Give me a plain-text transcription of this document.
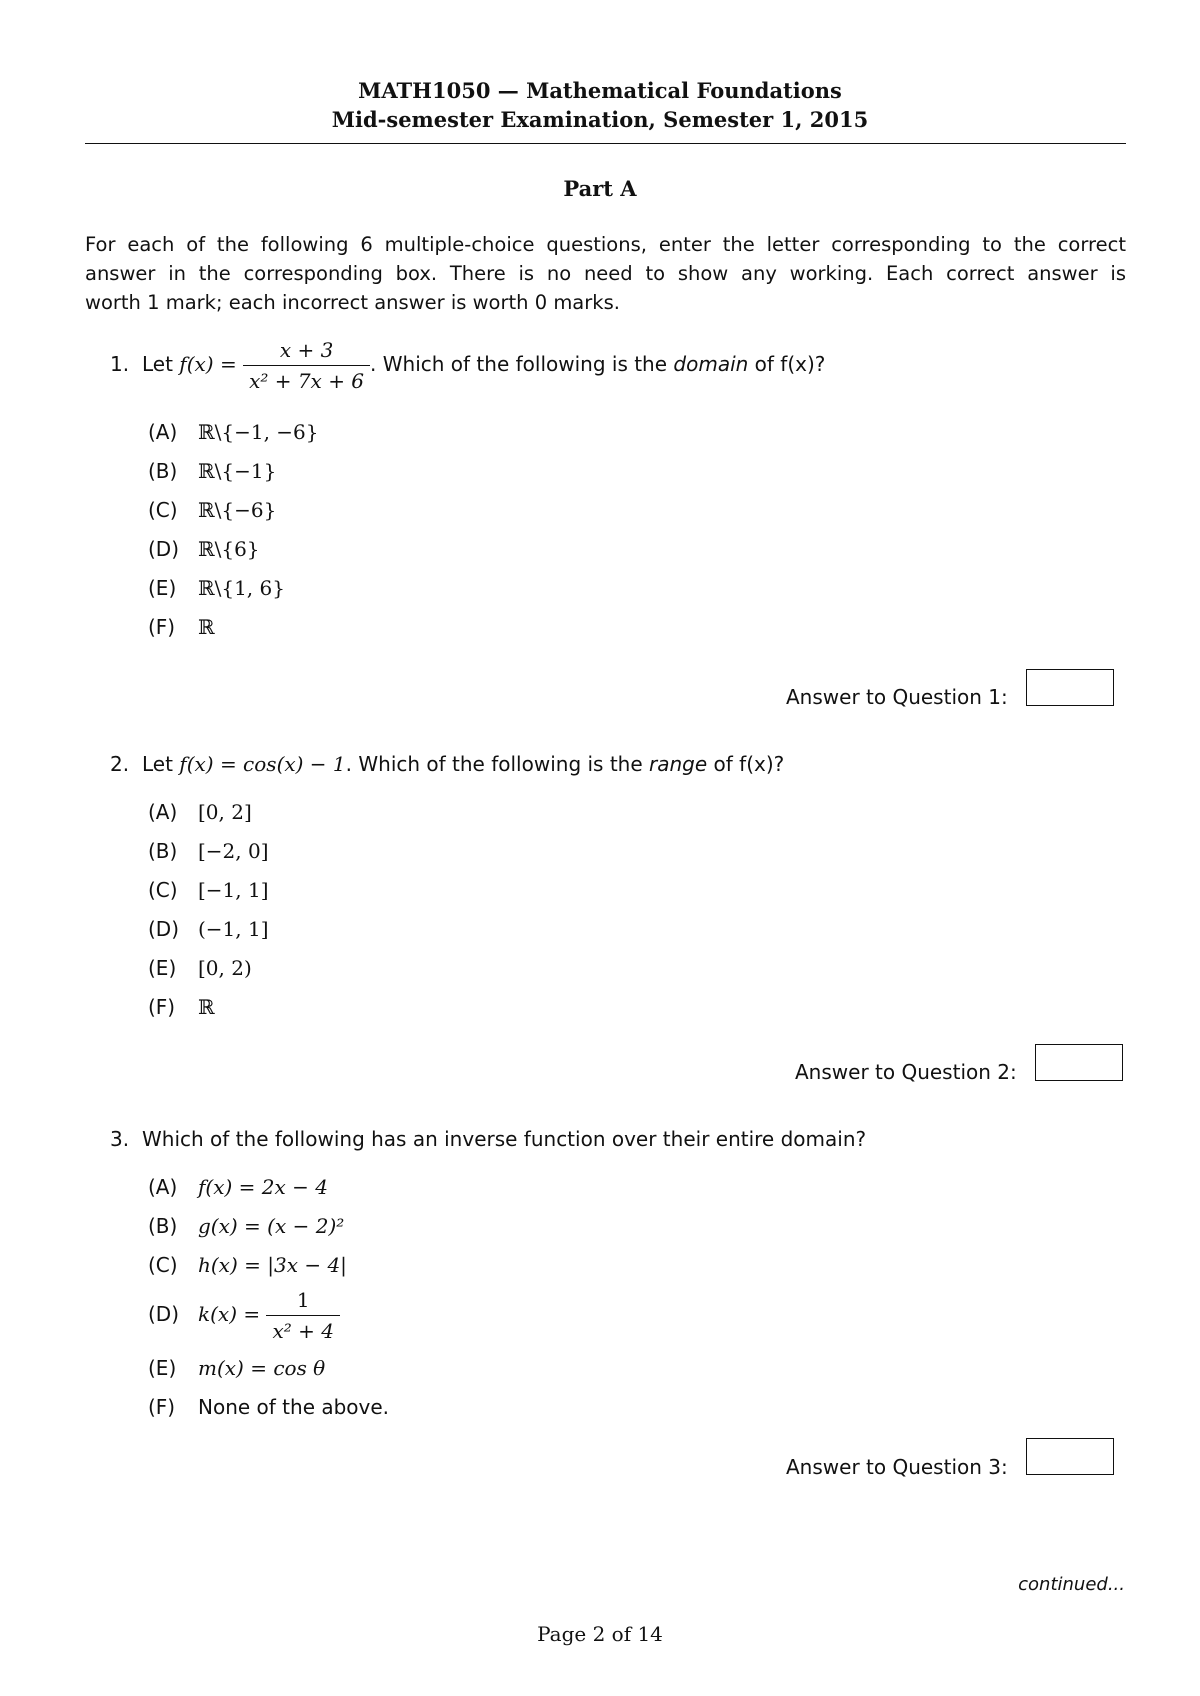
MATH1050 — Mathematical Foundations
Mid-semester Examination, Semester 1, 2015
Part A
For each of the following 6 multiple-choice questions, enter the letter corresponding to the correct
answer in the corresponding box. There is no need to show any working. Each correct answer is
worth 1 mark; each incorrect answer is worth 0 marks.
1. Let $f(x) = \frac{x + 3}{\text{x² + 7x + 6}}$ . Which of the following is the domain of f(x)?
(A) ℝ\{−1, −6}
(B) ℝ\{−1}
(C) ℝ\{−6}
(D) ℝ\{6}
(E) ℝ\{1, 6}
(F) ℝ
Answer to Question 1:
2. Let f(x) = cos(x) − 1. Which of the following is the range of f(x)?
(A) [0, 2]
(B) [−2, 0]
(C) [−1, 1]
(D) (−1, 1]
(E) [0, 2)
(F) ℝ
Answer to Question 2:
3. Which of the following has an inverse function over their entire domain?
(A) f(x) = 2x − 4
(B) g(x) = (x − 2)²
(C) h(x) = |3x − 4|
(D) $k(x) = \frac{1}{\text{x² + 4}}$
(E) m(x) = cos θ
(F) None of the above.
Answer to Question 3:
continued...
Page 2 of 14
